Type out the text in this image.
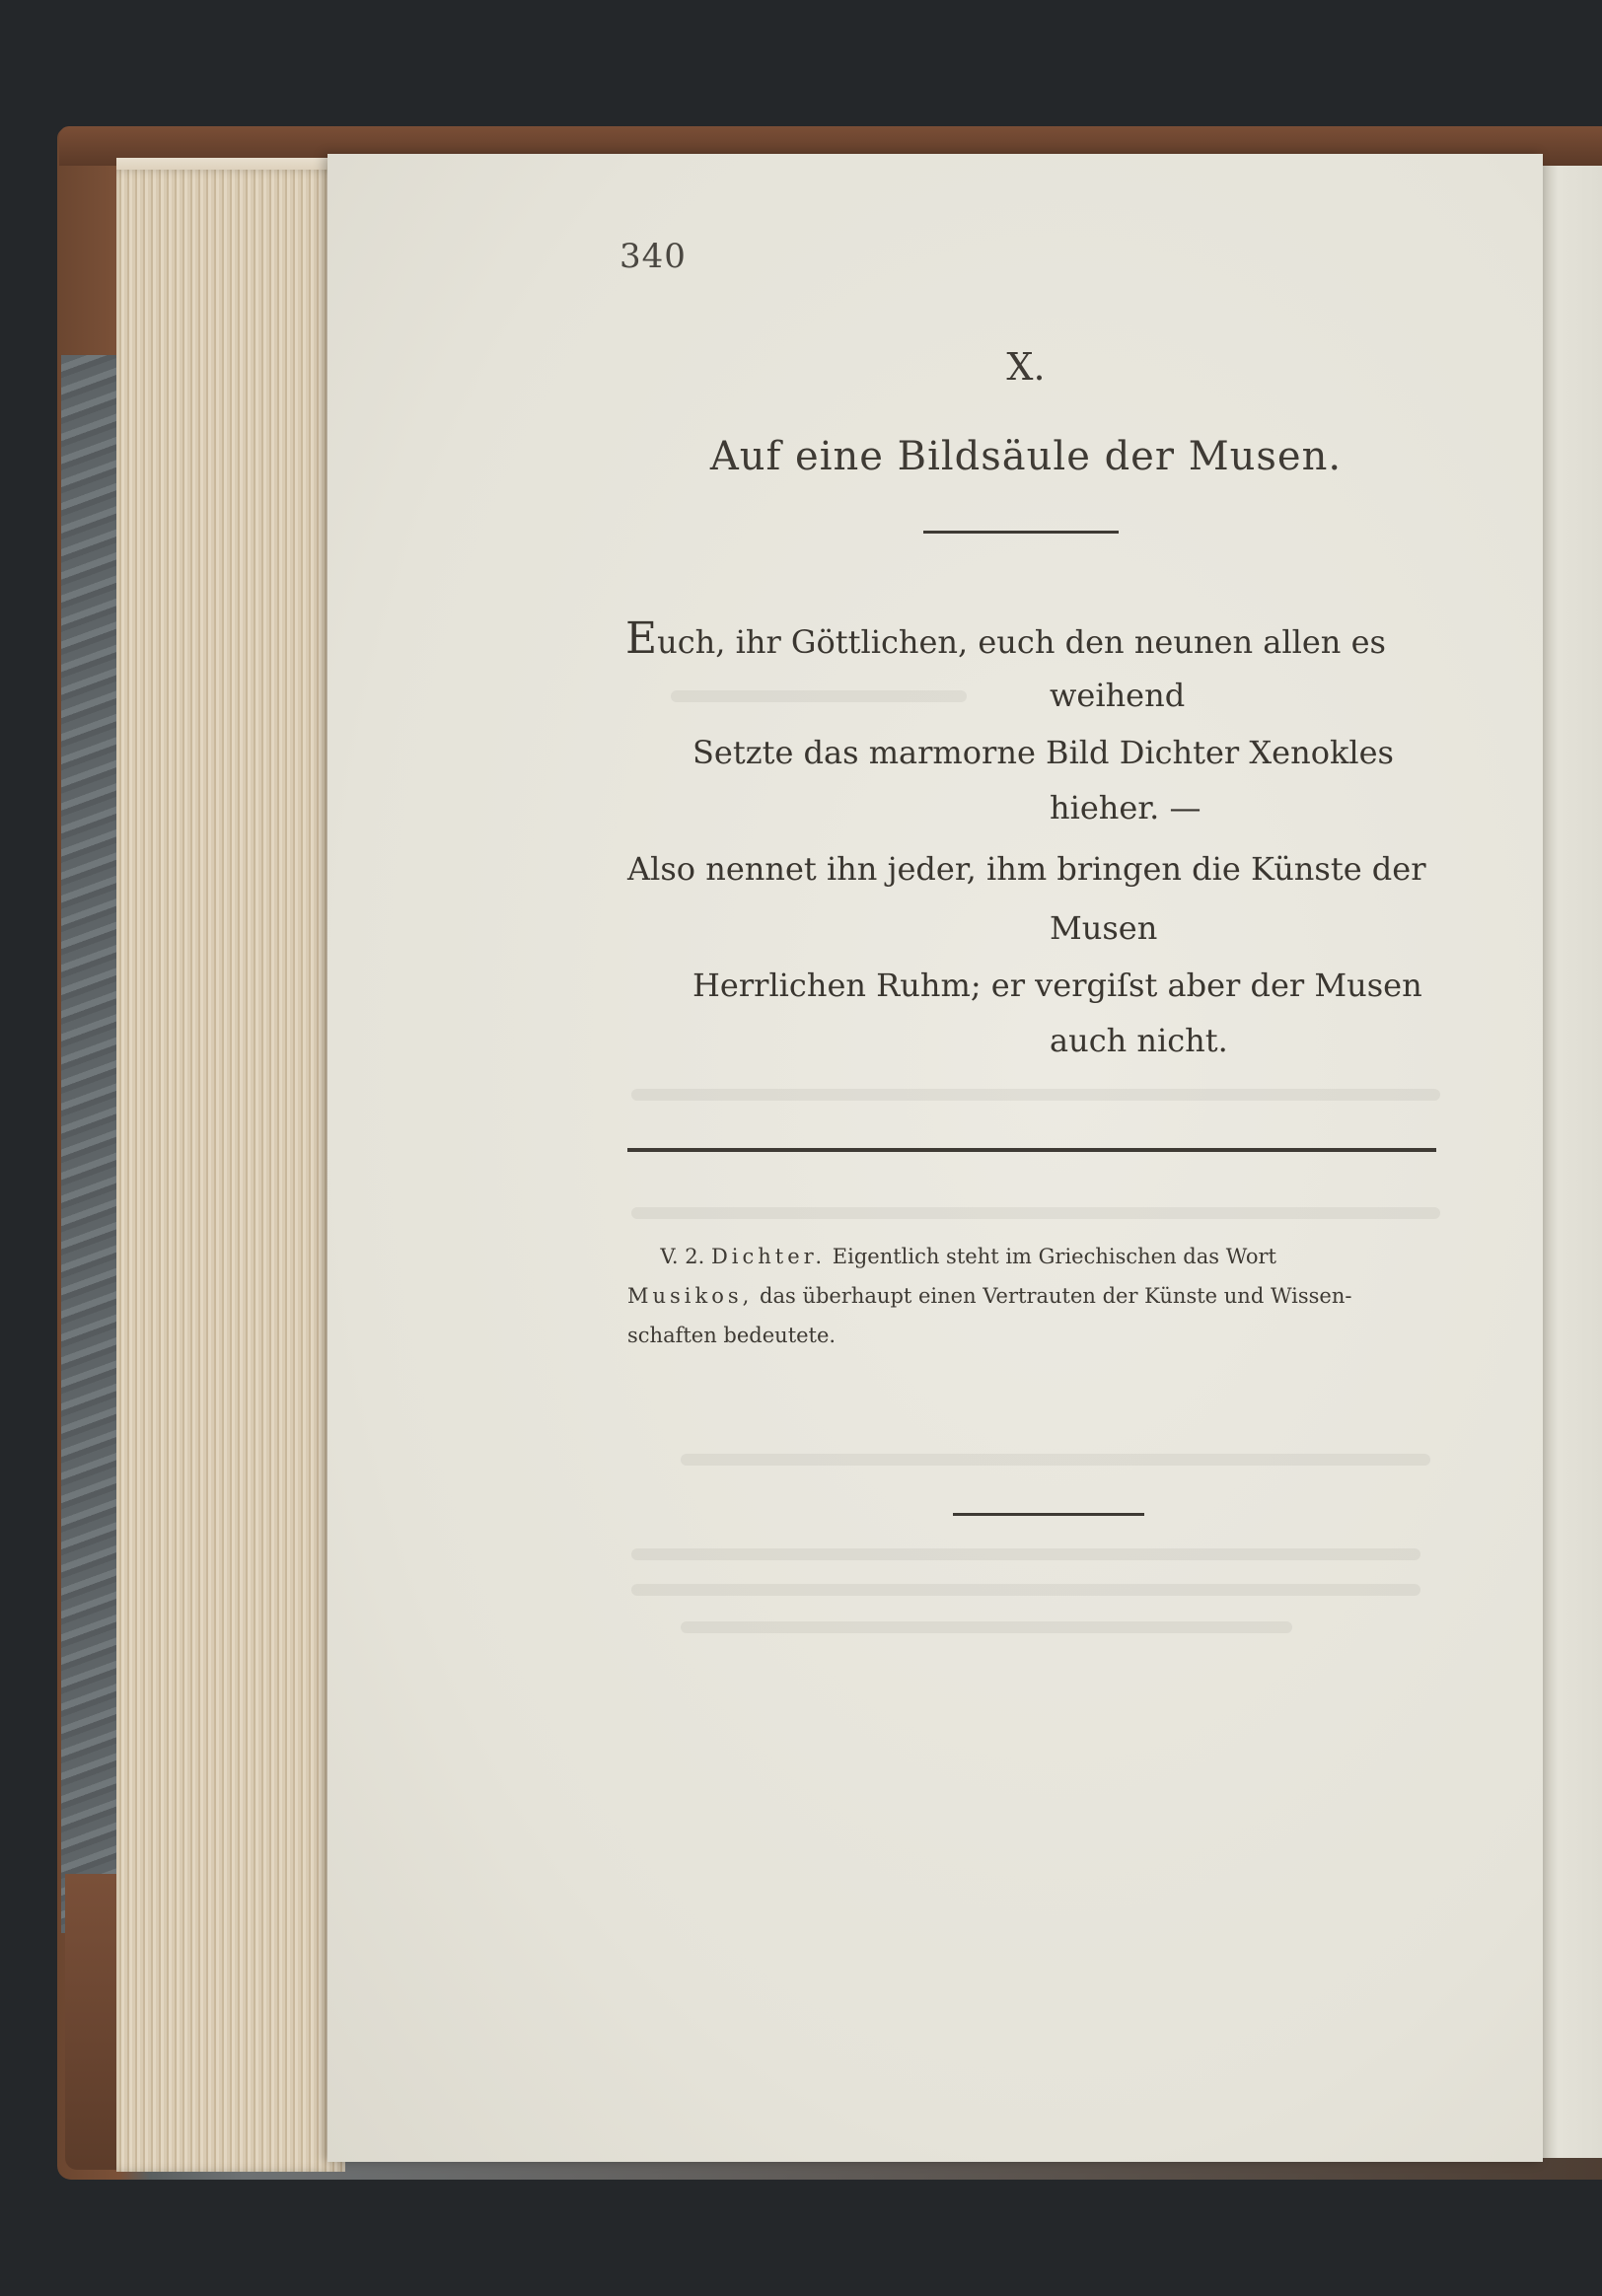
340
X.
Auf eine Bildsäule der Musen.
Euch, ihr Göttlichen, euch den neunen allen es
weihend
Setzte das marmorne Bild Dichter Xenokles
hieher. —
Also nennet ihn jeder, ihm bringen die Künste der
Musen
Herrlichen Ruhm; er vergiſst aber der Musen
auch nicht.

V. 2. Dichter. Eigentlich steht im Griechischen das Wort

Musikos, das überhaupt einen Vertrauten der Künste und Wissen-

schaften bedeutete.
